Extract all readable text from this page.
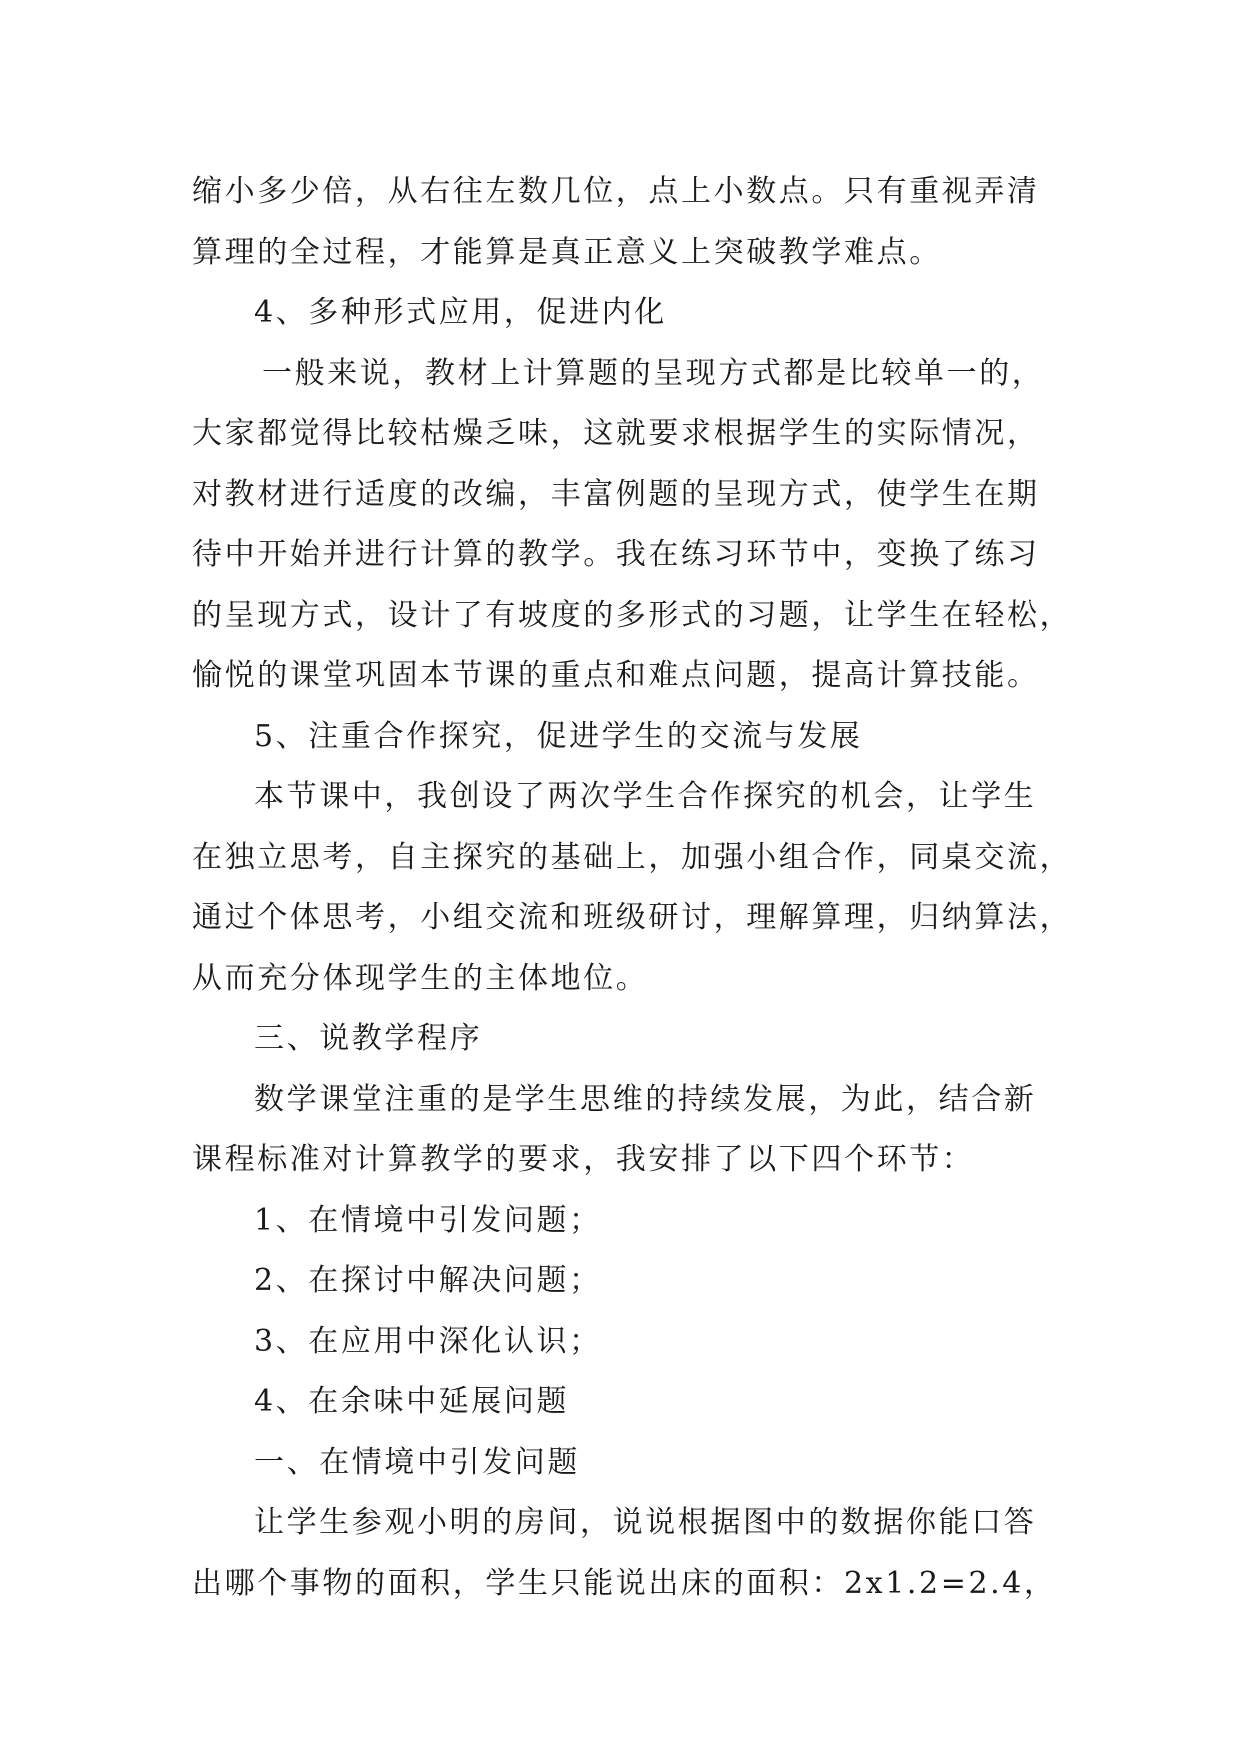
缩小多少倍，从右往左数几位，点上小数点。只有重视弄清
算理的全过程，才能算是真正意义上突破教学难点。
4、多种形式应用，促进内化
一般来说，教材上计算题的呈现方式都是比较单一的，
大家都觉得比较枯燥乏味，这就要求根据学生的实际情况，
对教材进行适度的改编，丰富例题的呈现方式，使学生在期
待中开始并进行计算的教学。我在练习环节中，变换了练习
的呈现方式，设计了有坡度的多形式的习题，让学生在轻松，
愉悦的课堂巩固本节课的重点和难点问题，提高计算技能。
5、注重合作探究，促进学生的交流与发展
本节课中，我创设了两次学生合作探究的机会，让学生
在独立思考，自主探究的基础上，加强小组合作，同桌交流，
通过个体思考，小组交流和班级研讨，理解算理，归纳算法，
从而充分体现学生的主体地位。
三、说教学程序
数学课堂注重的是学生思维的持续发展，为此，结合新
课程标准对计算教学的要求，我安排了以下四个环节：
1、在情境中引发问题；
2、在探讨中解决问题；
3、在应用中深化认识；
4、在余味中延展问题
一、在情境中引发问题
让学生参观小明的房间，说说根据图中的数据你能口答
出哪个事物的面积，学生只能说出床的面积：2x1.2=2.4，
